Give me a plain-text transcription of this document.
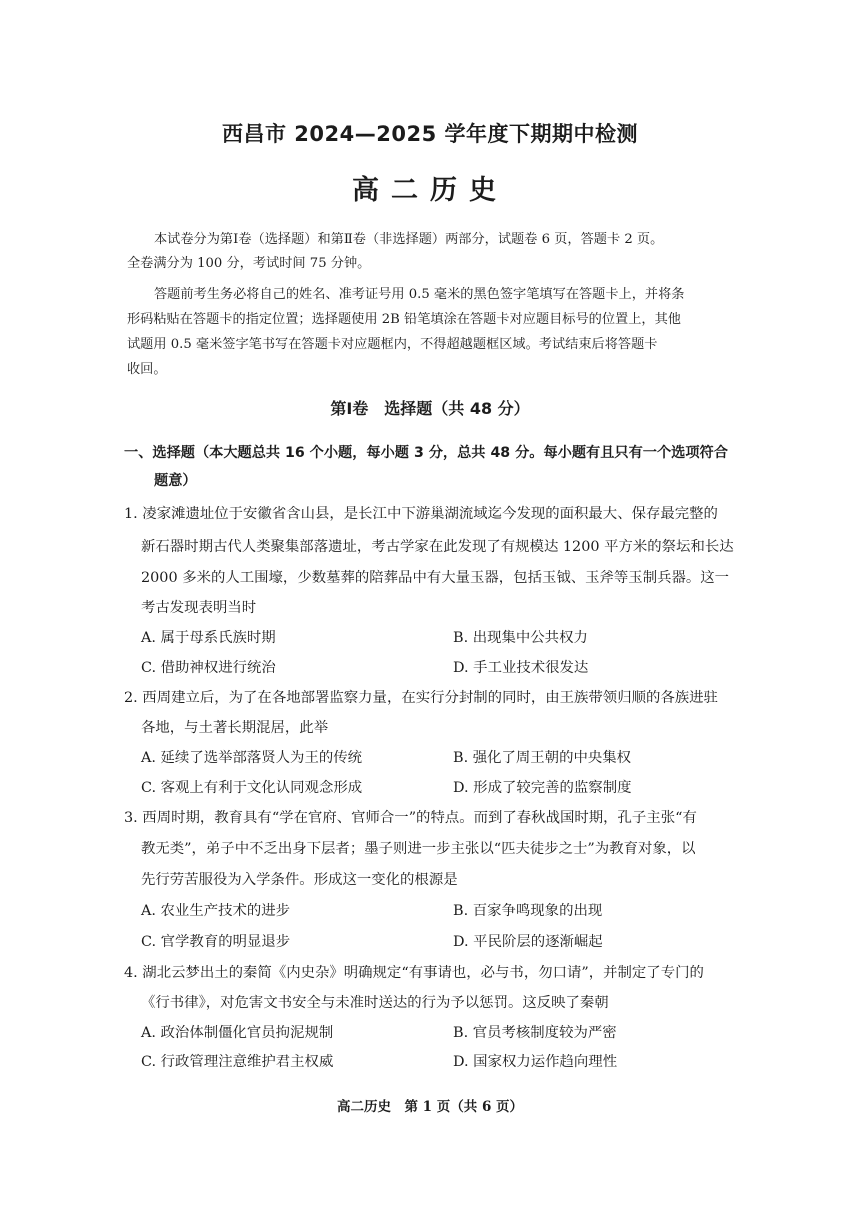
西昌市 2024—2025 学年度下期期中检测
高二历史
本试卷分为第Ⅰ卷（选择题）和第Ⅱ卷（非选择题）两部分，试题卷 6 页，答题卡 2 页。
全卷满分为 100 分，考试时间 75 分钟。
答题前考生务必将自己的姓名、准考证号用 0.5 毫米的黑色签字笔填写在答题卡上，并将条
形码粘贴在答题卡的指定位置；选择题使用 2B 铅笔填涂在答题卡对应题目标号的位置上，其他
试题用 0.5 毫米签字笔书写在答题卡对应题框内，不得超越题框区域。考试结束后将答题卡
收回。
第Ⅰ卷　选择题（共 48 分）
一、选择题（本大题总共 16 个小题，每小题 3 分，总共 48 分。每小题有且只有一个选项符合
题意）
1. 凌家滩遗址位于安徽省含山县，是长江中下游巢湖流域迄今发现的面积最大、保存最完整的
新石器时期古代人类聚集部落遗址，考古学家在此发现了有规模达 1200 平方米的祭坛和长达
2000 多米的人工围壕，少数墓葬的陪葬品中有大量玉器，包括玉钺、玉斧等玉制兵器。这一
考古发现表明当时
A. 属于母系氏族时期	B. 出现集中公共权力
C. 借助神权进行统治	D. 手工业技术很发达
2. 西周建立后，为了在各地部署监察力量，在实行分封制的同时，由王族带领归顺的各族进驻
各地，与土著长期混居，此举
A. 延续了选举部落贤人为王的传统	B. 强化了周王朝的中央集权
C. 客观上有利于文化认同观念形成	D. 形成了较完善的监察制度
3. 西周时期，教育具有“学在官府、官师合一”的特点。而到了春秋战国时期，孔子主张“有
教无类”，弟子中不乏出身下层者；墨子则进一步主张以“匹夫徒步之士”为教育对象，以
先行劳苦服役为入学条件。形成这一变化的根源是
A. 农业生产技术的进步	B. 百家争鸣现象的出现
C. 官学教育的明显退步	D. 平民阶层的逐渐崛起
4. 湖北云梦出土的秦简《内史杂》明确规定“有事请也，必与书，勿口请”，并制定了专门的
《行书律》，对危害文书安全与未准时送达的行为予以惩罚。这反映了秦朝
A. 政治体制僵化官员拘泥规制	B. 官员考核制度较为严密
C. 行政管理注意维护君主权威	D. 国家权力运作趋向理性
高二历史　第 1 页（共 6 页）
